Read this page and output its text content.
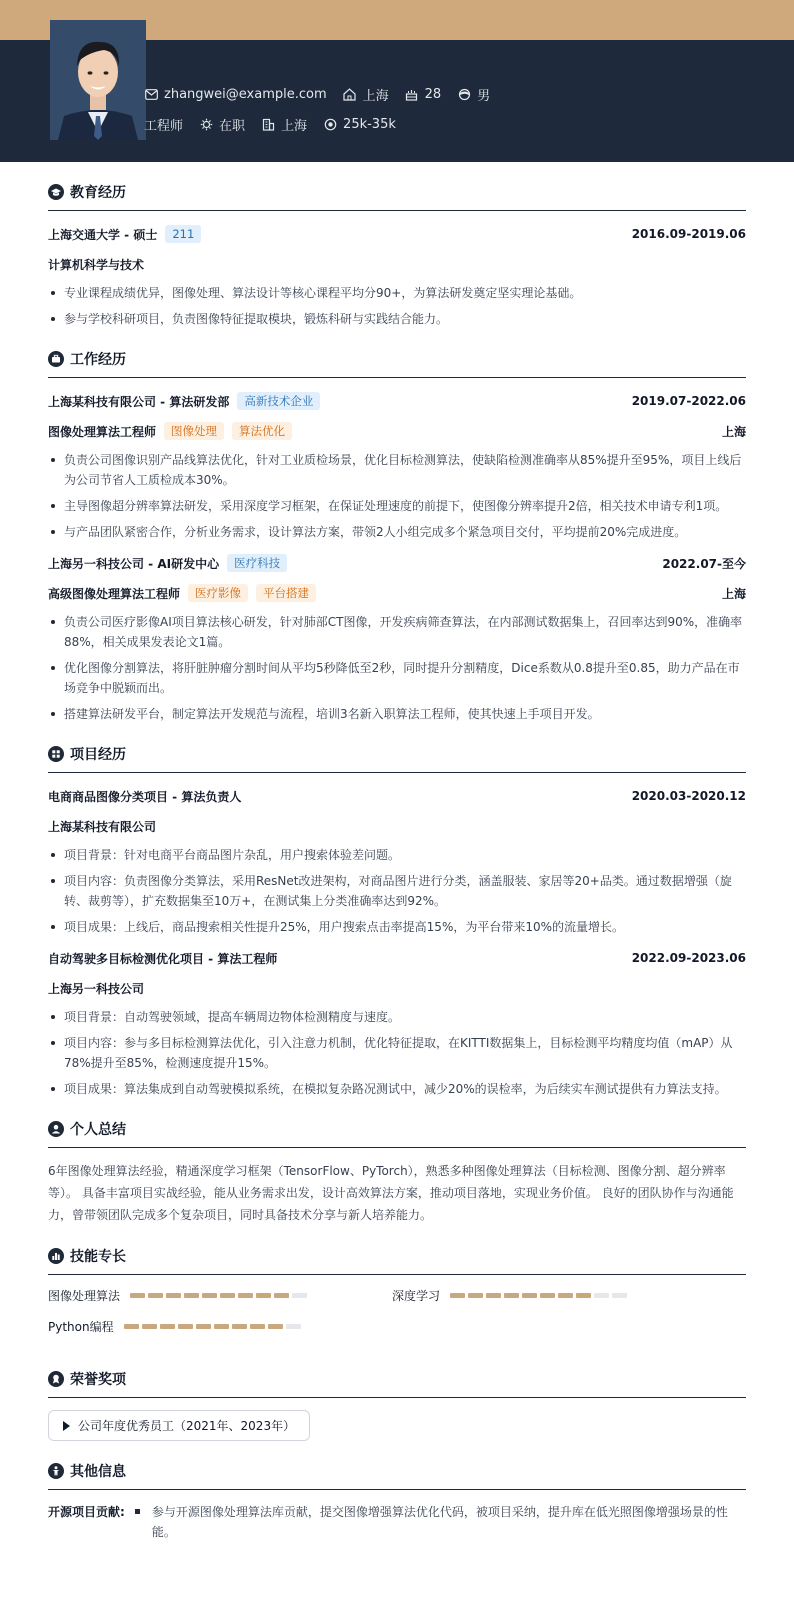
zhangwei@example.com	上海	28	男
工程师	在职	上海	25k-35k
教育经历
上海交通大学 - 硕士	211	2016.09-2019.06
计算机科学与技术
专业课程成绩优异，图像处理、算法设计等核心课程平均分90+，为算法研发奠定坚实理论基础。
参与学校科研项目，负责图像特征提取模块，锻炼科研与实践结合能力。
工作经历
上海某科技有限公司 - 算法研发部	高新技术企业	2019.07-2022.06
图像处理算法工程师	图像处理	算法优化	上海
负责公司图像识别产品线算法优化，针对工业质检场景，优化目标检测算法，使缺陷检测准确率从85%提升至95%，项目上线后为公司节省人工质检成本30%。
主导图像超分辨率算法研发，采用深度学习框架，在保证处理速度的前提下，使图像分辨率提升2倍，相关技术申请专利1项。
与产品团队紧密合作，分析业务需求，设计算法方案，带领2人小组完成多个紧急项目交付，平均提前20%完成进度。
上海另一科技公司 - AI研发中心	医疗科技	2022.07-至今
高级图像处理算法工程师	医疗影像	平台搭建	上海
负责公司医疗影像AI项目算法核心研发，针对肺部CT图像，开发疾病筛查算法，在内部测试数据集上，召回率达到90%，准确率88%，相关成果发表论文1篇。
优化图像分割算法，将肝脏肿瘤分割时间从平均5秒降低至2秒，同时提升分割精度，Dice系数从0.8提升至0.85，助力产品在市场竞争中脱颖而出。
搭建算法研发平台，制定算法开发规范与流程，培训3名新入职算法工程师，使其快速上手项目开发。
项目经历
电商商品图像分类项目 - 算法负责人	2020.03-2020.12
上海某科技有限公司
项目背景：针对电商平台商品图片杂乱，用户搜索体验差问题。
项目内容：负责图像分类算法，采用ResNet改进架构，对商品图片进行分类，涵盖服装、家居等20+品类。通过数据增强（旋转、裁剪等），扩充数据集至10万+，在测试集上分类准确率达到92%。
项目成果：上线后，商品搜索相关性提升25%，用户搜索点击率提高15%，为平台带来10%的流量增长。
自动驾驶多目标检测优化项目 - 算法工程师	2022.09-2023.06
上海另一科技公司
项目背景：自动驾驶领域，提高车辆周边物体检测精度与速度。
项目内容：参与多目标检测算法优化，引入注意力机制，优化特征提取，在KITTI数据集上，目标检测平均精度均值（mAP）从78%提升至85%，检测速度提升15%。
项目成果：算法集成到自动驾驶模拟系统，在模拟复杂路况测试中，减少20%的误检率，为后续实车测试提供有力算法支持。
个人总结

6年图像处理算法经验，精通深度学习框架（TensorFlow、PyTorch），熟悉多种图像处理算法（目标检测、图像分割、超分辨率等）。 具备丰富项目实战经验，能从业务需求出发，设计高效算法方案，推动项目落地，实现业务价值。 良好的团队协作与沟通能力，曾带领团队完成多个复杂项目，同时具备技术分享与新人培养能力。

技能专长
图像处理算法	深度学习
Python编程
荣誉奖项
公司年度优秀员工（2021年、2023年）
其他信息
开源项目贡献: 参与开源图像处理算法库贡献，提交图像增强算法优化代码，被项目采纳，提升库在低光照图像增强场景的性能。
